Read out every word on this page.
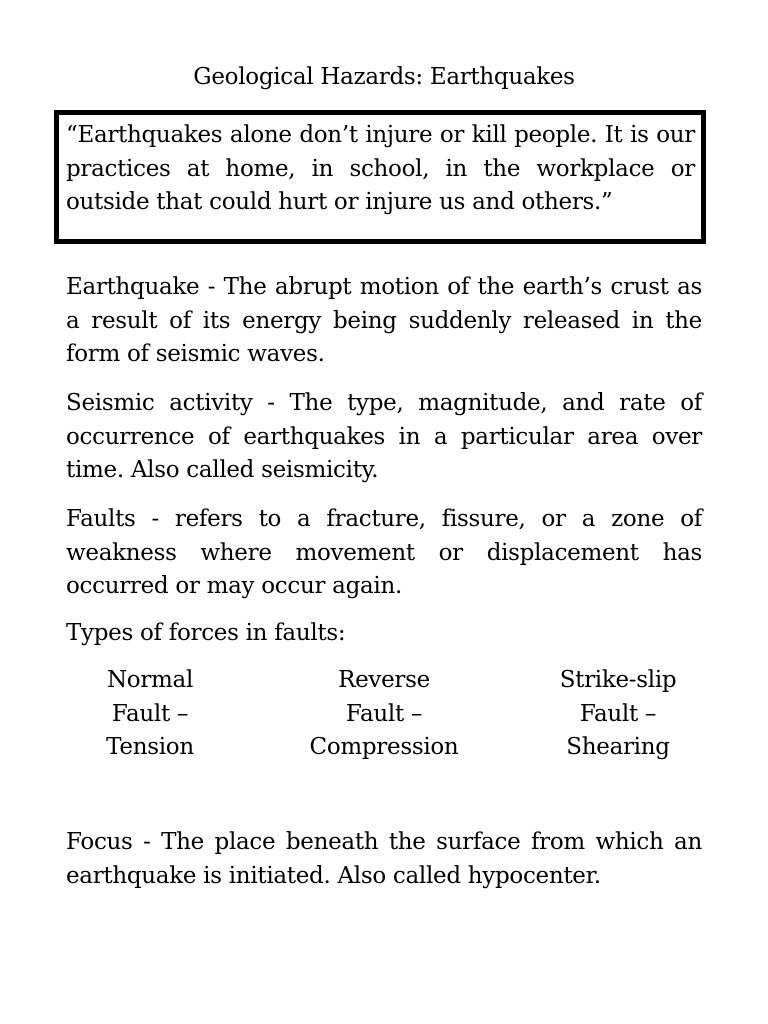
Geological Hazards: Earthquakes

“Earthquakes alone don’t injure or kill people. It is our practices at home, in school, in the workplace or outside that could hurt or injure us and others.”

Earthquake - The abrupt motion of the earth’s crust as a result of its energy being suddenly released in the form of seismic waves.

Seismic activity - The type, magnitude, and rate of occurrence of earthquakes in a particular area over time. Also called seismicity.

Faults - refers to a fracture, fissure, or a zone of weakness where movement or displacement has occurred or may occur again.

Types of forces in faults:

Normal
Fault –
Tension
Reverse
Fault –
Compression
Strike-slip
Fault –
Shearing

Focus - The place beneath the surface from which an earthquake is initiated. Also called hypocenter.
